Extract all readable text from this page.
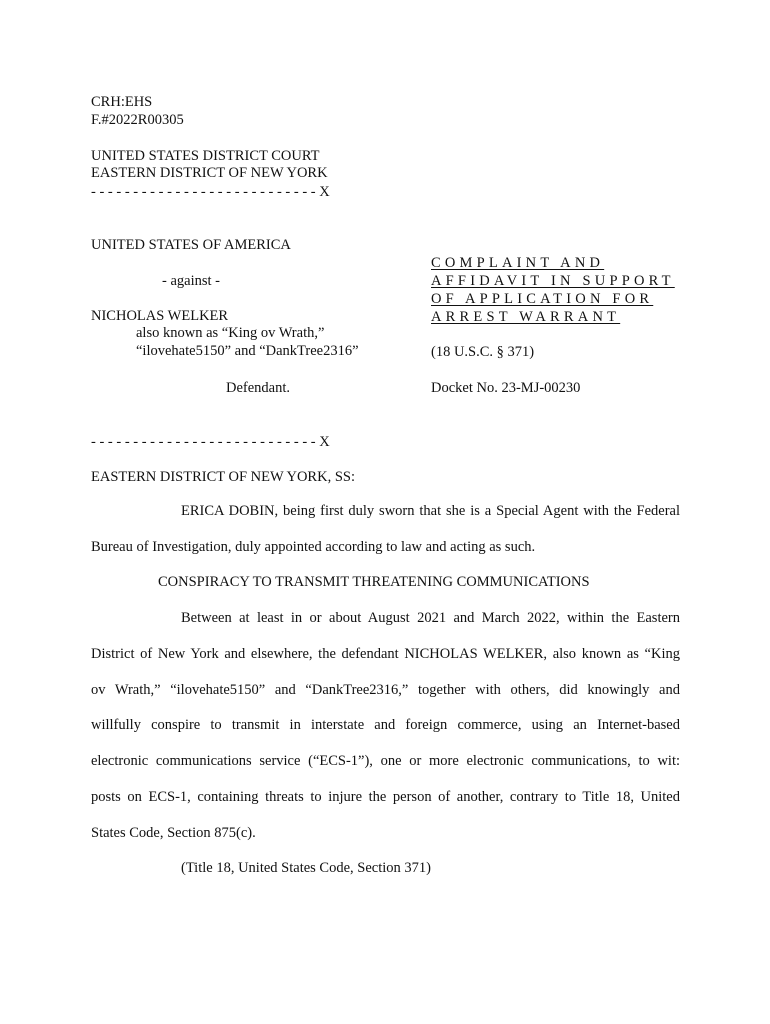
CRH:EHS
F.#2022R00305
UNITED STATES DISTRICT COURT
EASTERN DISTRICT OF NEW YORK
- - - - - - - - - - - - - - - - - - - - - - - - - - - X
UNITED STATES OF AMERICA
- against -
NICHOLAS WELKER
also known as “King ov Wrath,”
“ilovehate5150” and “DankTree2316”
Defendant.
COMPLAINT AND
AFFIDAVIT IN SUPPORT
OF APPLICATION FOR
ARREST WARRANT
(18 U.S.C. § 371)
Docket No. 23-MJ-00230
- - - - - - - - - - - - - - - - - - - - - - - - - - - X
EASTERN DISTRICT OF NEW YORK, SS:
ERICA DOBIN, being first duly sworn that she is a Special Agent with the Federal
Bureau of Investigation, duly appointed according to law and acting as such.
CONSPIRACY TO TRANSMIT THREATENING COMMUNICATIONS
Between at least in or about August 2021 and March 2022, within the Eastern
District of New York and elsewhere, the defendant NICHOLAS WELKER, also known as “King
ov Wrath,” “ilovehate5150” and “DankTree2316,” together with others, did knowingly and
willfully conspire to transmit in interstate and foreign commerce, using an Internet-based
electronic communications service (“ECS-1”), one or more electronic communications, to wit:
posts on ECS-1, containing threats to injure the person of another, contrary to Title 18, United
States Code, Section 875(c).
(Title 18, United States Code, Section 371)
